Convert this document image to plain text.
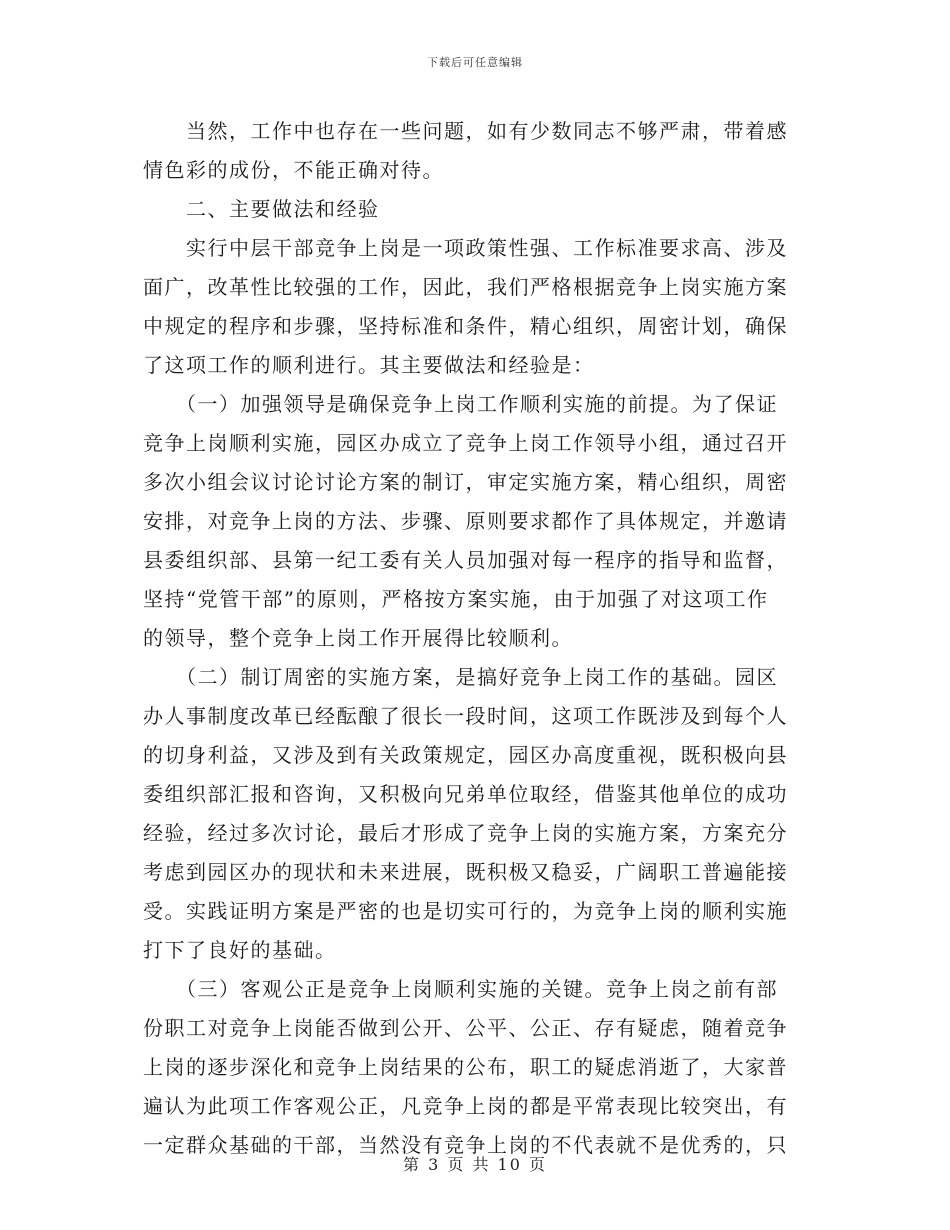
下载后可任意编辑
　　当然，工作中也存在一些问题，如有少数同志不够严肃，带着感
情色彩的成份，不能正确对待。
　　二、主要做法和经验
　　实行中层干部竞争上岗是一项政策性强、工作标准要求高、涉及
面广，改革性比较强的工作，因此，我们严格根据竞争上岗实施方案
中规定的程序和步骤，坚持标准和条件，精心组织，周密计划，确保
了这项工作的顺利进行。其主要做法和经验是：
　　（一）加强领导是确保竞争上岗工作顺利实施的前提。为了保证
竞争上岗顺利实施，园区办成立了竞争上岗工作领导小组，通过召开
多次小组会议讨论讨论方案的制订，审定实施方案，精心组织，周密
安排，对竞争上岗的方法、步骤、原则要求都作了具体规定，并邀请
县委组织部、县第一纪工委有关人员加强对每一程序的指导和监督，
坚持“党管干部”的原则，严格按方案实施，由于加强了对这项工作
的领导，整个竞争上岗工作开展得比较顺利。
　　（二）制订周密的实施方案，是搞好竞争上岗工作的基础。园区
办人事制度改革已经酝酿了很长一段时间，这项工作既涉及到每个人
的切身利益，又涉及到有关政策规定，园区办高度重视，既积极向县
委组织部汇报和咨询，又积极向兄弟单位取经，借鉴其他单位的成功
经验，经过多次讨论，最后才形成了竞争上岗的实施方案，方案充分
考虑到园区办的现状和未来进展，既积极又稳妥，广阔职工普遍能接
受。实践证明方案是严密的也是切实可行的，为竞争上岗的顺利实施
打下了良好的基础。
　　（三）客观公正是竞争上岗顺利实施的关键。竞争上岗之前有部
份职工对竞争上岗能否做到公开、公平、公正、存有疑虑，随着竞争
上岗的逐步深化和竞争上岗结果的公布，职工的疑虑消逝了，大家普
遍认为此项工作客观公正，凡竞争上岗的都是平常表现比较突出，有
一定群众基础的干部，当然没有竞争上岗的不代表就不是优秀的，只
第 3 页 共 10 页
